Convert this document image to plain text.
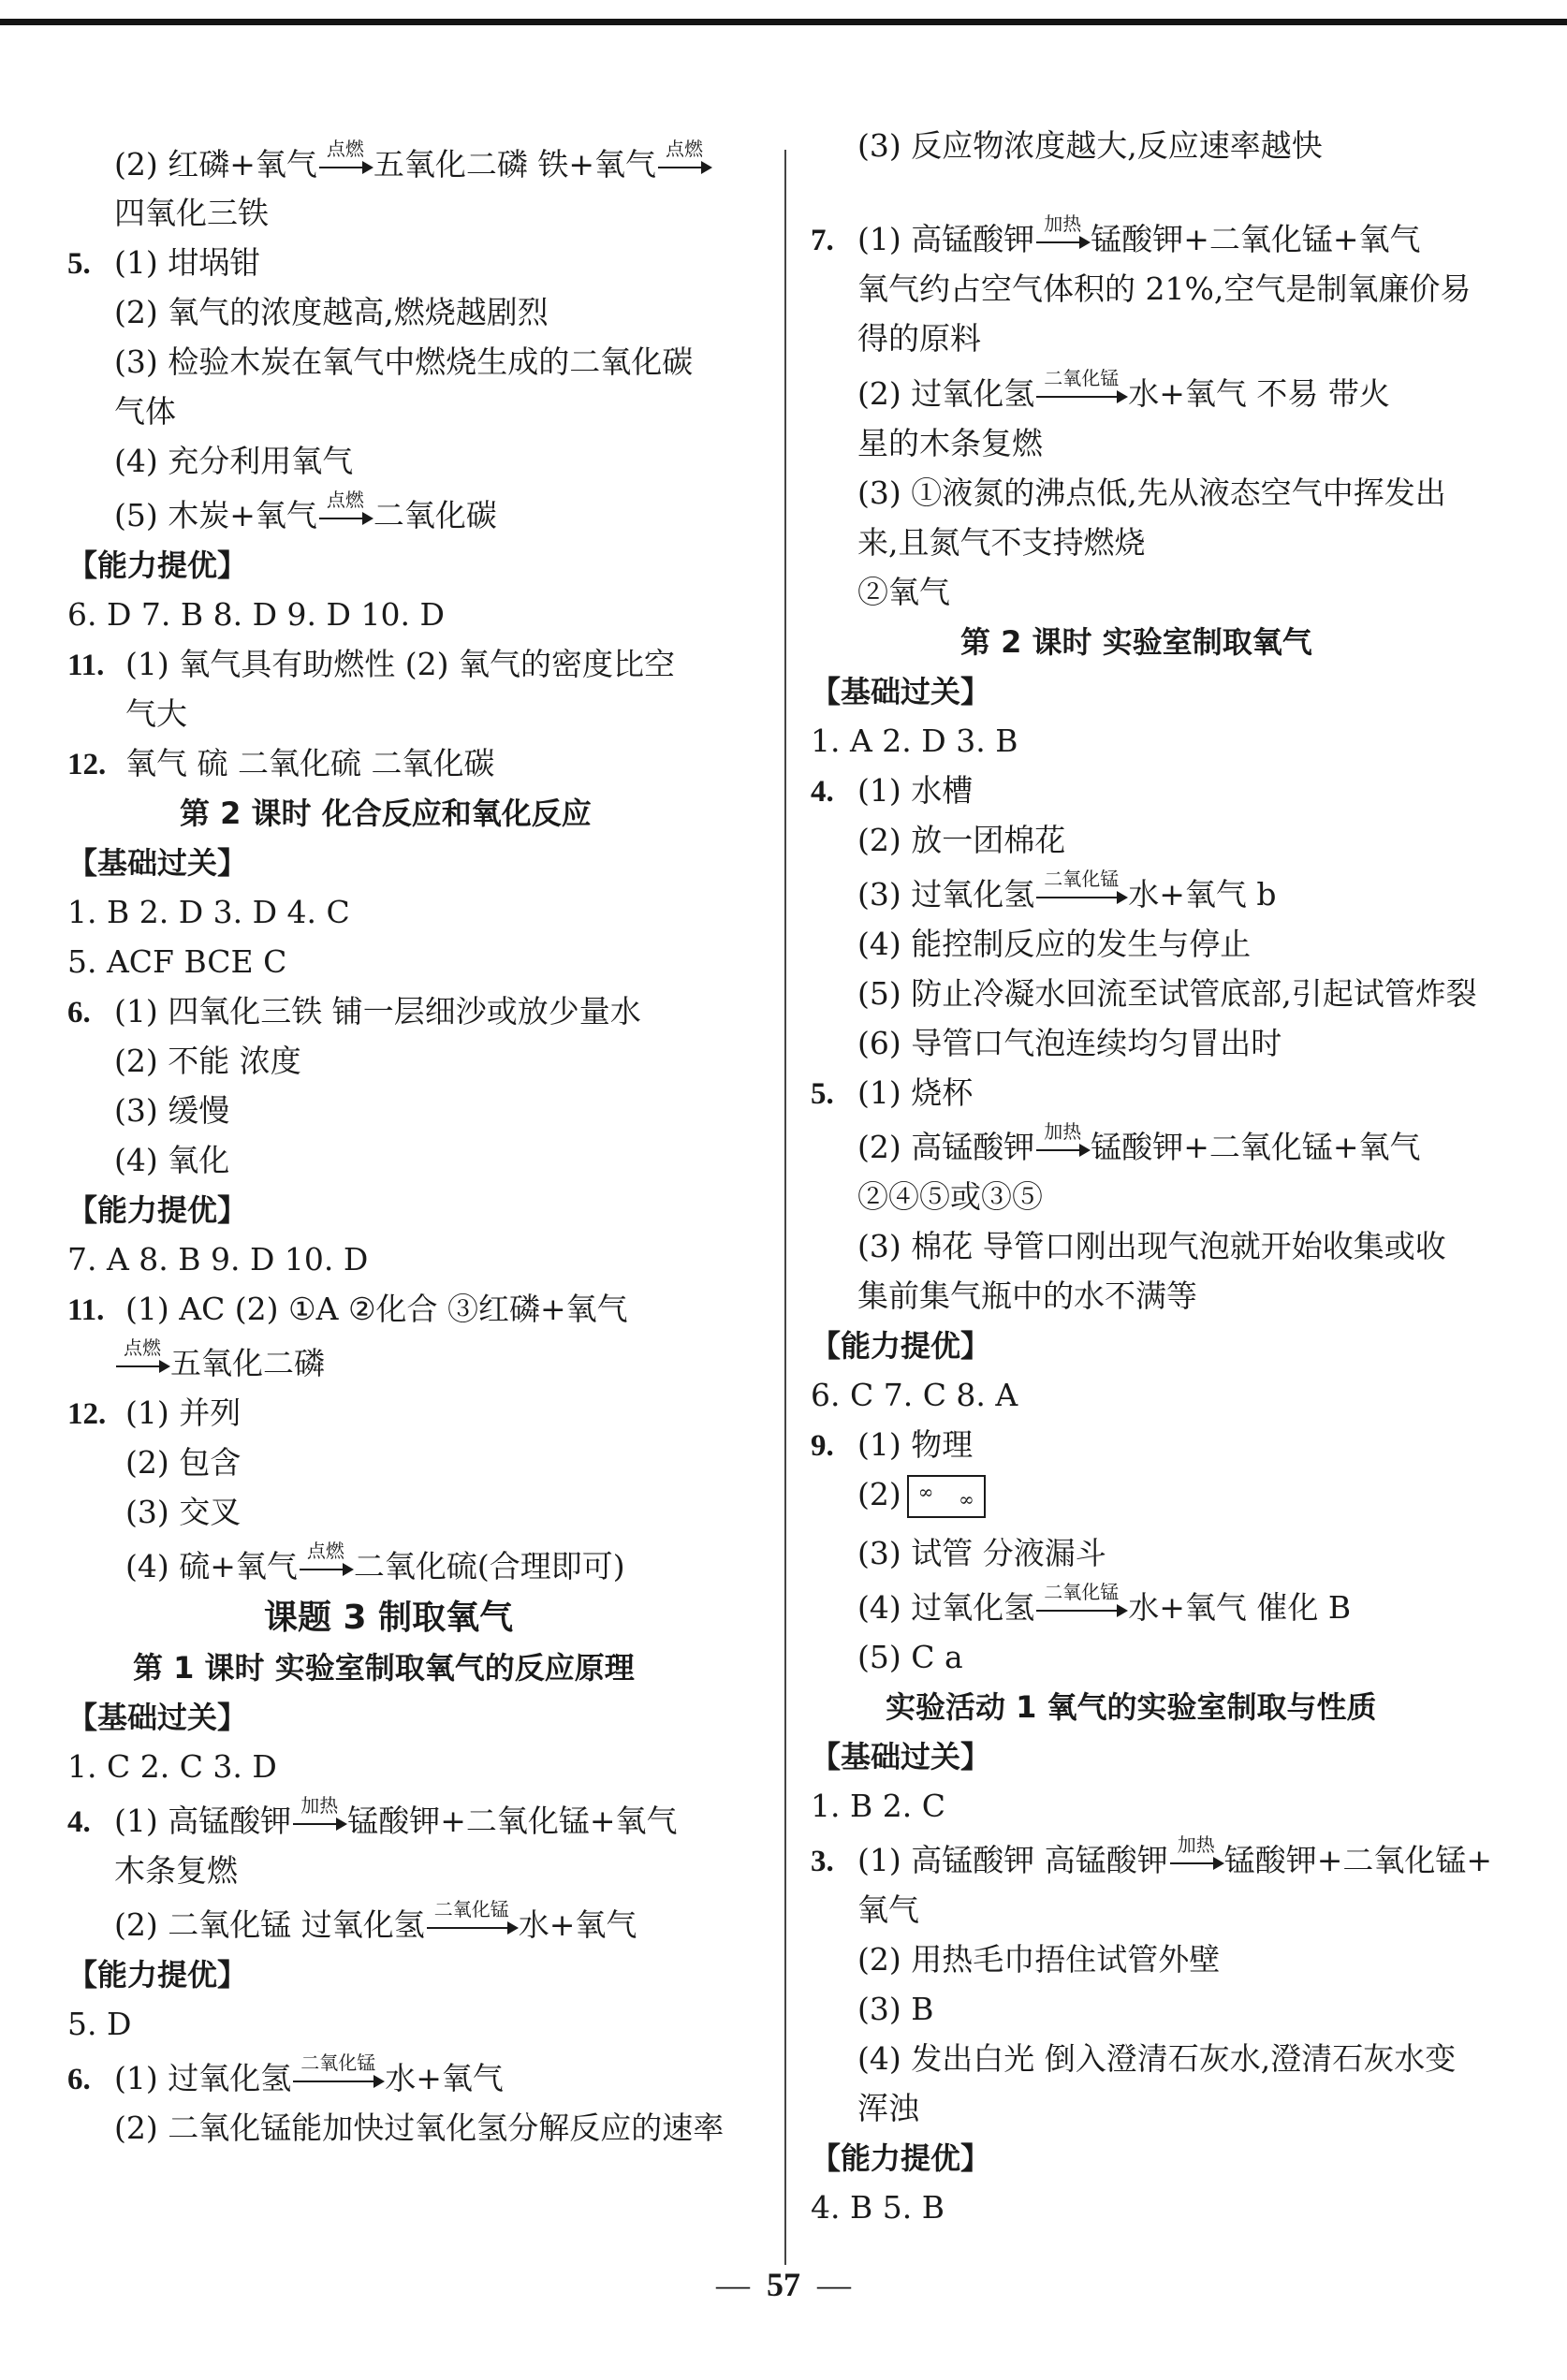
(2) 红磷+氧气 点燃 五氧化二磷 铁+氧气 点燃
四氧化三铁
5. (1) 坩埚钳
(2) 氧气的浓度越高,燃烧越剧烈
(3) 检验木炭在氧气中燃烧生成的二氧化碳
气体
(4) 充分利用氧气
(5) 木炭+氧气 点燃 二氧化碳
【能力提优】
6. D 7. B 8. D 9. D 10. D
11. (1) 氧气具有助燃性 (2) 氧气的密度比空
气大
12. 氧气 硫 二氧化硫 二氧化碳
第 2 课时 化合反应和氧化反应
【基础过关】
1. B 2. D 3. D 4. C
5. ACF BCE C
6. (1) 四氧化三铁 铺一层细沙或放少量水
(2) 不能 浓度
(3) 缓慢
(4) 氧化
【能力提优】
7. A 8. B 9. D 10. D
11. (1) AC (2) ①A ②化合 ③红磷+氧气
点燃 五氧化二磷
12. (1) 并列
(2) 包含
(3) 交叉
(4) 硫+氧气 点燃 二氧化硫(合理即可)
课题 3 制取氧气
第 1 课时 实验室制取氧气的反应原理
【基础过关】
1. C 2. C 3. D
4. (1) 高锰酸钾 加热 锰酸钾+二氧化锰+氧气
木条复燃
(2) 二氧化锰 过氧化氢 二氧化锰 水+氧气
【能力提优】
5. D
6. (1) 过氧化氢 二氧化锰 水+氧气
(2) 二氧化锰能加快过氧化氢分解反应的速率
(3) 反应物浓度越大,反应速率越快
7. (1) 高锰酸钾 加热 锰酸钾+二氧化锰+氧气
氧气约占空气体积的 21%,空气是制氧廉价易
得的原料
(2) 过氧化氢 二氧化锰 水+氧气 不易 带火
星的木条复燃
(3) ①液氮的沸点低,先从液态空气中挥发出
来,且氮气不支持燃烧
②氧气
第 2 课时 实验室制取氧气
【基础过关】
1. A 2. D 3. B
4. (1) 水槽
(2) 放一团棉花
(3) 过氧化氢 二氧化锰 水+氧气 b
(4) 能控制反应的发生与停止
(5) 防止冷凝水回流至试管底部,引起试管炸裂
(6) 导管口气泡连续均匀冒出时
5. (1) 烧杯
(2) 高锰酸钾 加热 锰酸钾+二氧化锰+氧气
②④⑤或③⑤
(3) 棉花 导管口刚出现气泡就开始收集或收
集前集气瓶中的水不满等
【能力提优】
6. C 7. C 8. A
9. (1) 物理
(2) ∞ ∞
(3) 试管 分液漏斗
(4) 过氧化氢 二氧化锰 水+氧气 催化 B
(5) C a
实验活动 1 氧气的实验室制取与性质
【基础过关】
1. B 2. C
3. (1) 高锰酸钾 高锰酸钾 加热 锰酸钾+二氧化锰+
氧气
(2) 用热毛巾捂住试管外壁
(3) B
(4) 发出白光 倒入澄清石灰水,澄清石灰水变
浑浊
【能力提优】
4. B 5. B
— 57 —
